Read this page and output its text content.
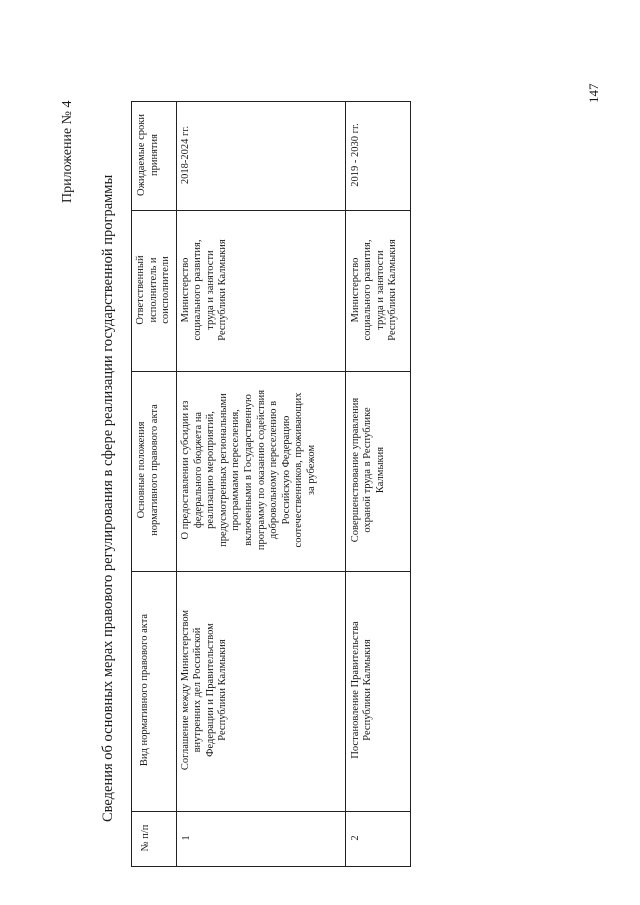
147
Приложение № 4
Сведения об основных мерах правового регулирования в сфере реализации государственной программы
№ п/п
Вид нормативного правового акта
Основные положения нормативного правового акта
Ответственный исполнитель и соисполнители
Ожидаемые сроки принятия
1
Соглашение между Министерством внутренних дел Российской Федерации и Правительством Республики Калмыкия
О предоставлении субсидии из федерального бюджета на реализацию мероприятий, предусмотренных региональными программами переселения, включенными в Государственную программу по оказанию содействия добровольному переселению в Российскую Федерацию соотечественников, проживающих за рубежом
Министерство социального развития, труда и занятости Республики Калмыкия
2018-2024 гг.
2
Постановление Правительства Республики Калмыкия
Совершенствование управления охраной труда в Республике Калмыкия
Министерство социального развития, труда и занятости Республики Калмыкия
2019 - 2030 гг.
